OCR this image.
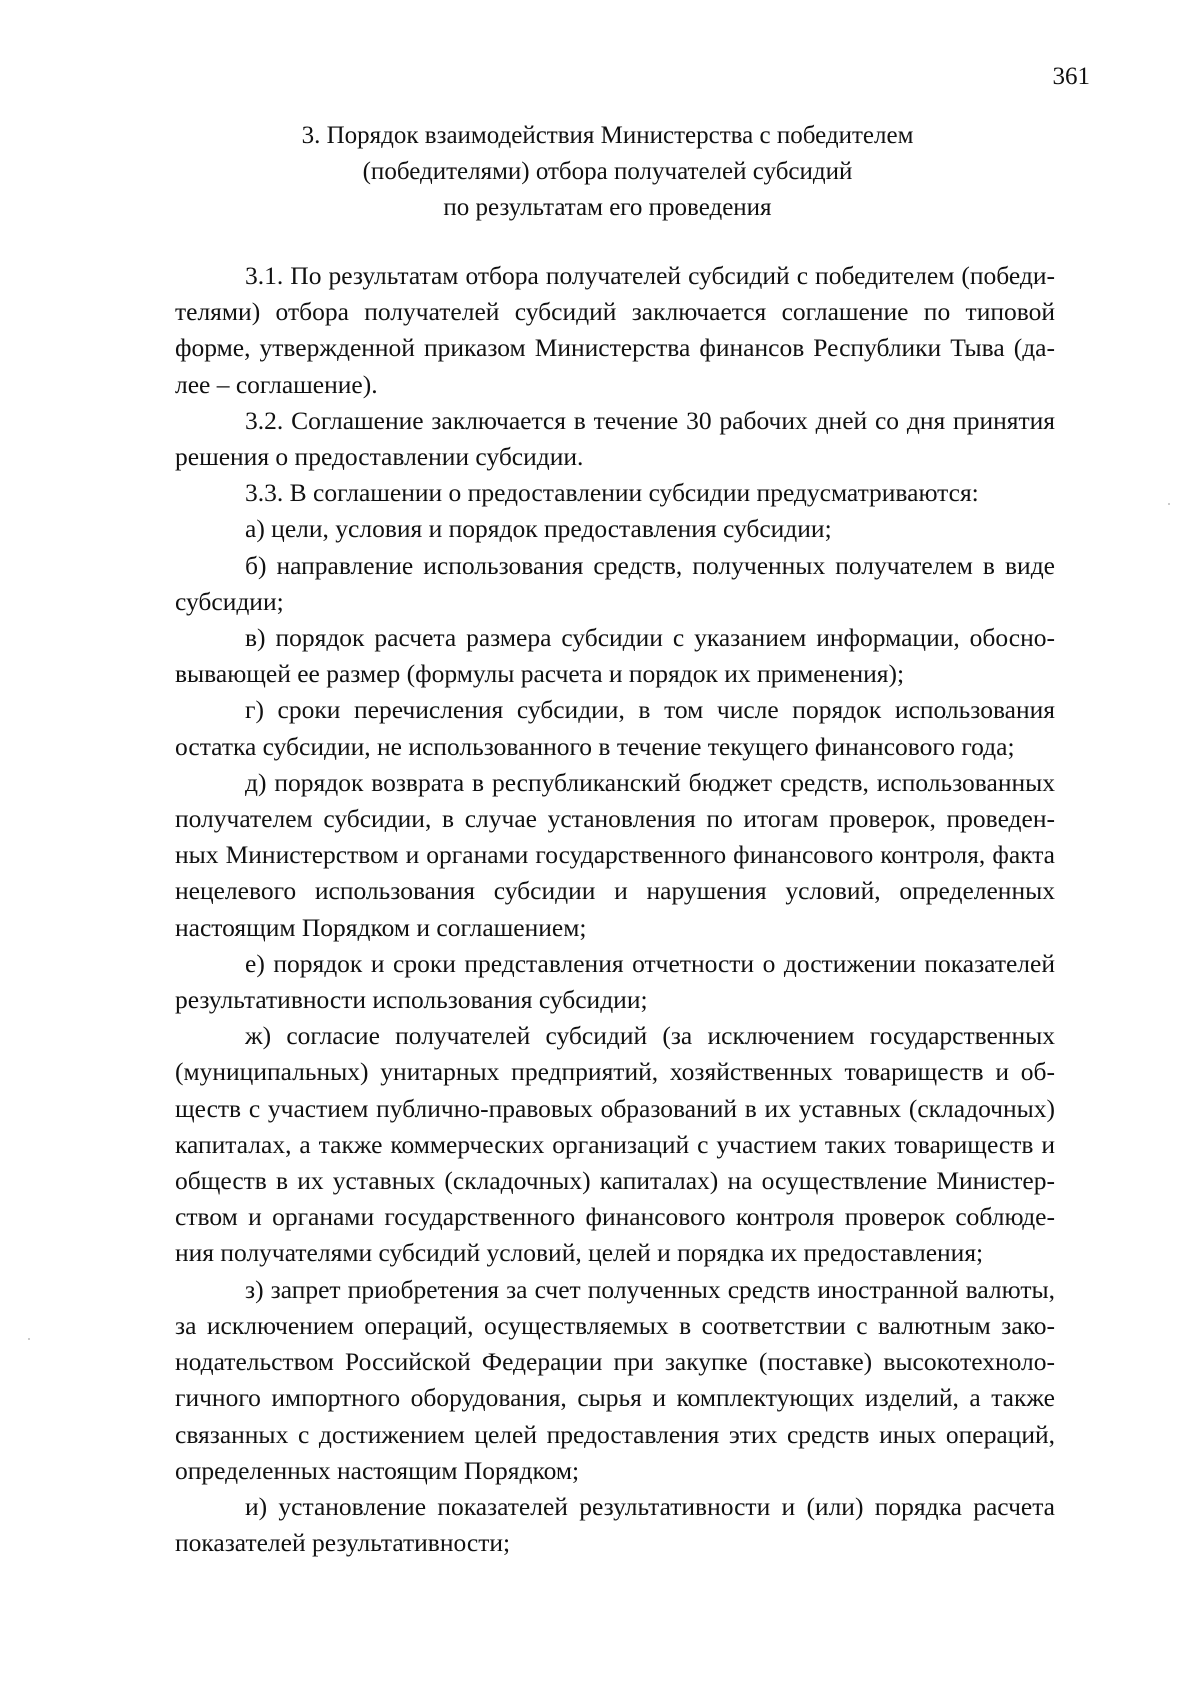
361
3. Порядок взаимодействия Министерства с победителем
(победителями) отбора получателей субсидий
по результатам его проведения

3.1. По результатам отбора получателей субсидий с победителем (победителями) отбора получателей субсидий заключается соглашение по типовой форме, утвержденной приказом Министерства финансов Республики Тыва (далее – соглашение).

3.2. Соглашение заключается в течение 30 рабочих дней со дня принятия решения о предоставлении субсидии.

3.3. В соглашении о предоставлении субсидии предусматриваются:

а) цели, условия и порядок предоставления субсидии;

б) направление использования средств, полученных получателем в виде субсидии;

в) порядок расчета размера субсидии с указанием информации, обосновывающей ее размер (формулы расчета и порядок их применения);

г) сроки перечисления субсидии, в том числе порядок использования остатка субсидии, не использованного в течение текущего финансового года;

д) порядок возврата в республиканский бюджет средств, использованных получателем субсидии, в случае установления по итогам проверок, проведенных Министерством и органами государственного финансового контроля, факта нецелевого использования субсидии и нарушения условий, определенных настоящим Порядком и соглашением;

е) порядок и сроки представления отчетности о достижении показателей результативности использования субсидии;

ж) согласие получателей субсидий (за исключением государственных (муниципальных) унитарных предприятий, хозяйственных товариществ и обществ с участием публично-правовых образований в их уставных (складочных) капиталах, а также коммерческих организаций с участием таких товариществ и обществ в их уставных (складочных) капиталах) на осуществление Министерством и органами государственного финансового контроля проверок соблюдения получателями субсидий условий, целей и порядка их предоставления;

з) запрет приобретения за счет полученных средств иностранной валюты, за исключением операций, осуществляемых в соответствии с валютным законодательством Российской Федерации при закупке (поставке) высокотехнологичного импортного оборудования, сырья и комплектующих изделий, а также связанных с достижением целей предоставления этих средств иных операций, определенных настоящим Порядком;

и) установление показателей результативности и (или) порядка расчета показателей результативности;
